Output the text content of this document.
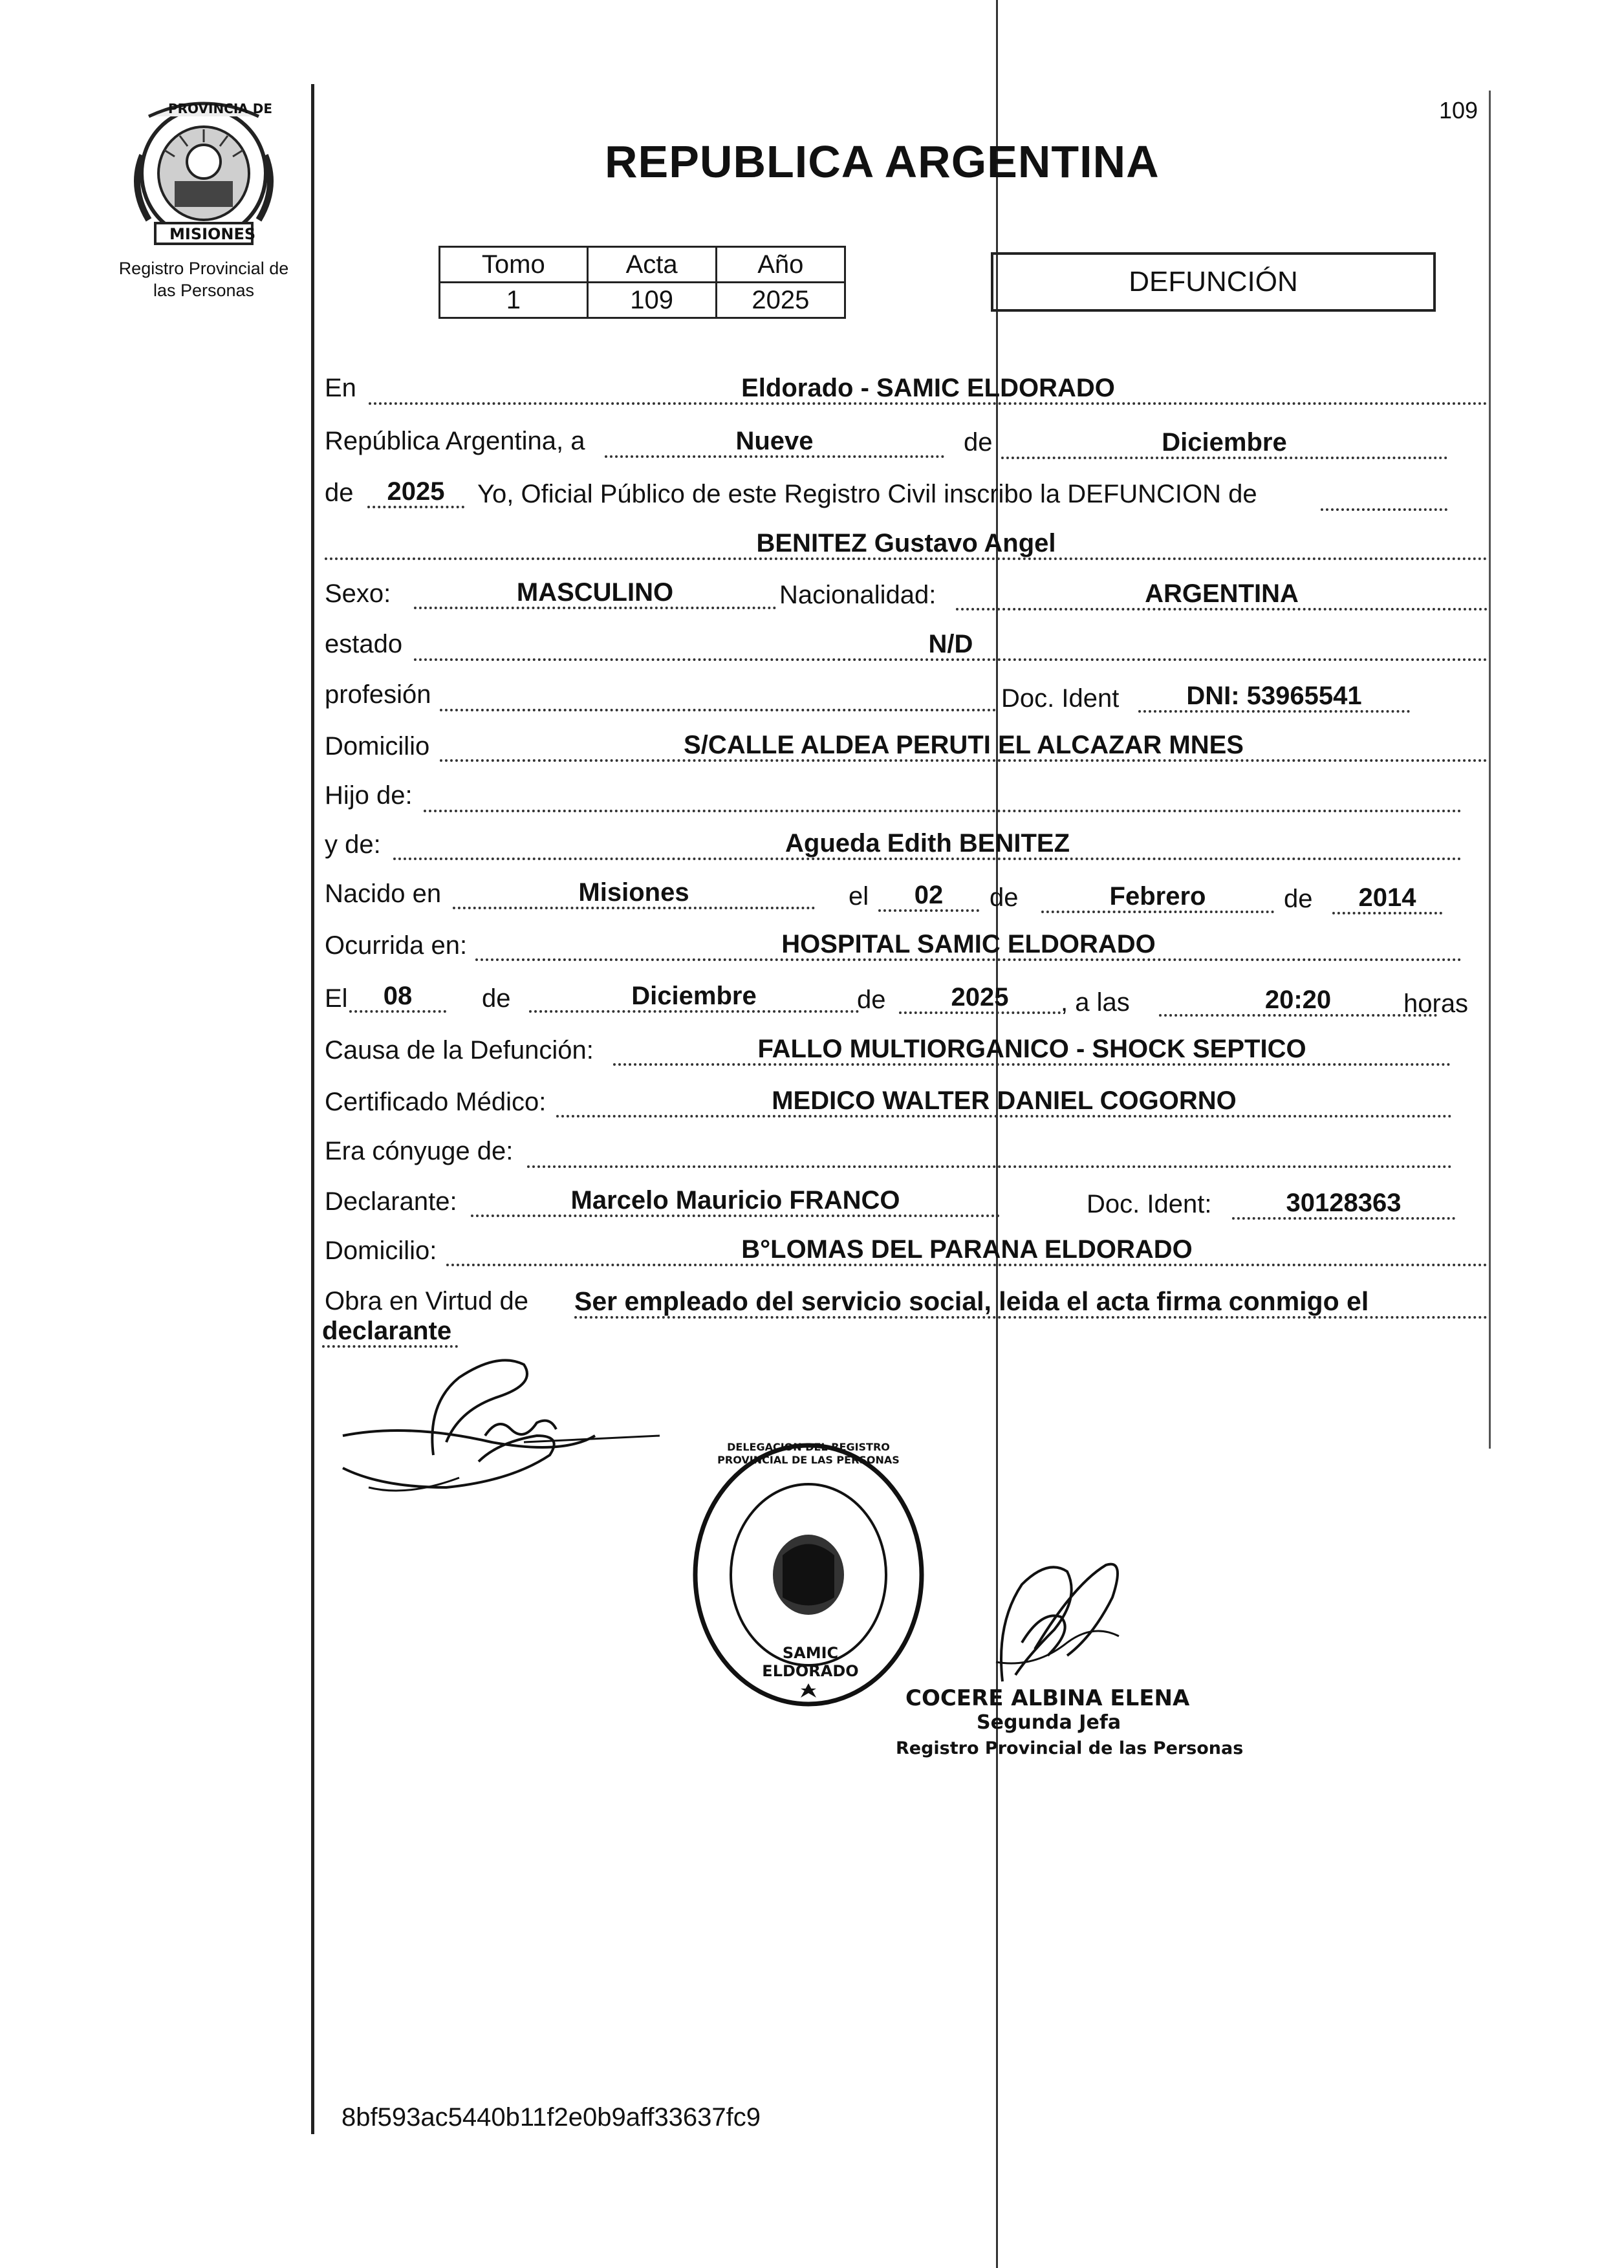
PROVINCIA DE
MISIONES
Registro Provincial de
las Personas
109
REPUBLICA ARGENTINA
Tomo	Acta	Año
1	109	2025
DEFUNCIÓN
En	Eldorado - SAMIC ELDORADO
República Argentina, a	Nueve	de	Diciembre
de	2025	Yo, Oficial Público de este Registro Civil inscribo la DEFUNCION de
BENITEZ Gustavo Angel
Sexo:	MASCULINO	Nacionalidad:	ARGENTINA
estado	N/D
profesión	Doc. Ident	DNI: 53965541
Domicilio	S/CALLE ALDEA PERUTI EL ALCAZAR MNES
Hijo de:
y de:	Agueda Edith BENITEZ
Nacido en	Misiones	el	02	de	Febrero	de	2014
Ocurrida en:	HOSPITAL SAMIC ELDORADO
El	08	de	Diciembre	de	2025	, a las	20:20	horas
Causa de la Defunción:	FALLO MULTIORGANICO - SHOCK SEPTICO
Certificado Médico:	MEDICO WALTER DANIEL COGORNO
Era cónyuge de:
Declarante:	Marcelo Mauricio FRANCO	Doc. Ident:	30128363
Domicilio:	B°LOMAS DEL PARANA ELDORADO
Obra en Virtud de Ser empleado del servicio social, leida el acta firma conmigo el
declarante
DELEGACION DEL REGISTRO PROVINCIAL DE LAS PERSONAS
SAMIC ELDORADO
COCERE ALBINA ELENA
Segunda Jefa
Registro Provincial de las Personas
8bf593ac5440b11f2e0b9aff33637fc9
